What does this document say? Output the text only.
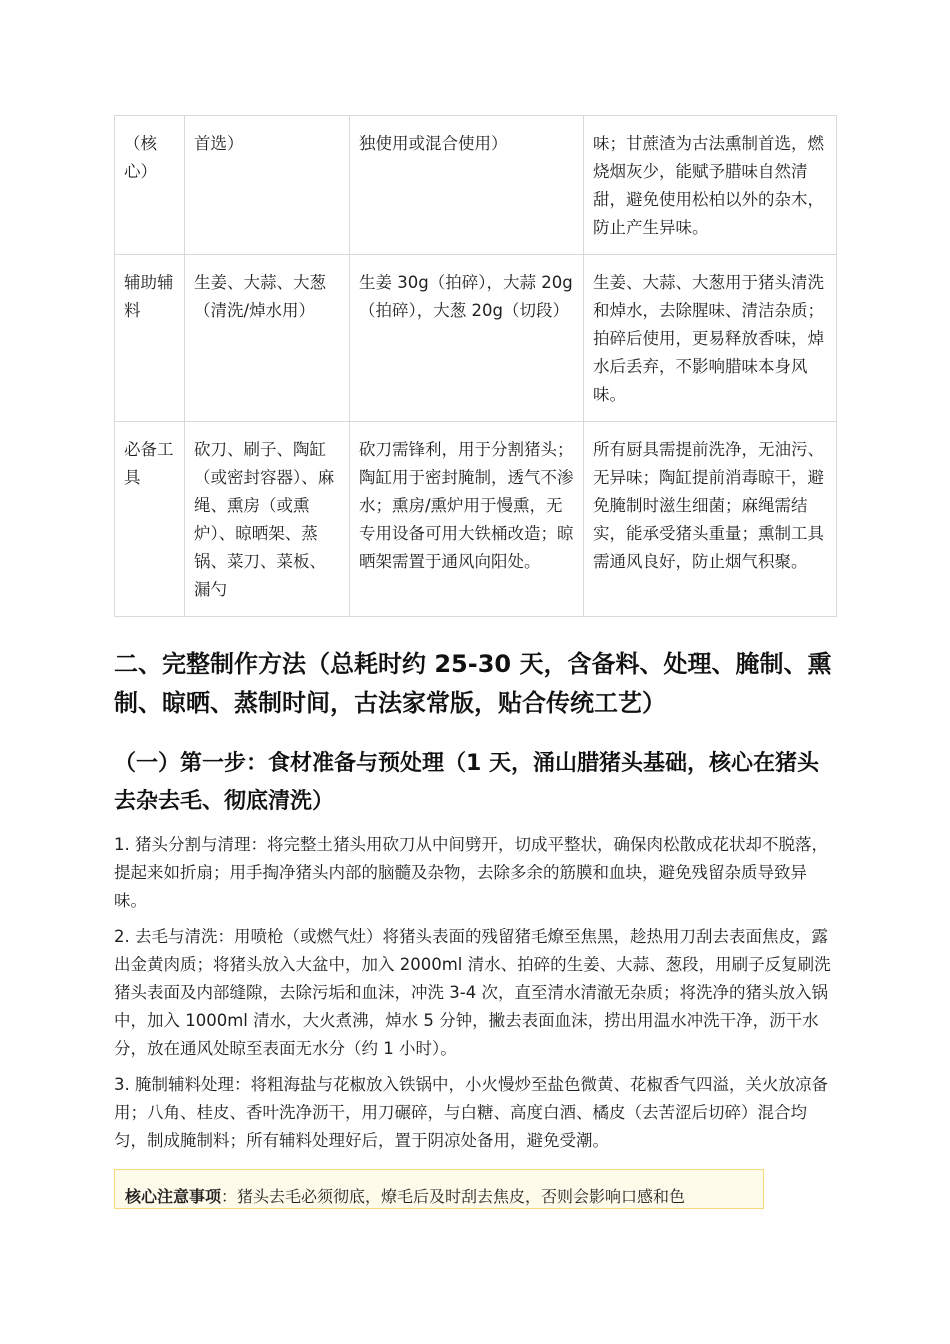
（核心）	首选）	独使用或混合使用）	味；甘蔗渣为古法熏制首选，燃烧烟灰少，能赋予腊味自然清甜，避免使用松柏以外的杂木，防止产生异味。
辅助辅料	生姜、大蒜、大葱（清洗/焯水用）	生姜 30g（拍碎），大蒜 20g（拍碎），大葱 20g（切段）	生姜、大蒜、大葱用于猪头清洗和焯水，去除腥味、清洁杂质；拍碎后使用，更易释放香味，焯水后丢弃，不影响腊味本身风味。
必备工具	砍刀、刷子、陶缸（或密封容器）、麻绳、熏房（或熏炉）、晾晒架、蒸锅、菜刀、菜板、漏勺	砍刀需锋利，用于分割猪头；陶缸用于密封腌制，透气不渗水；熏房/熏炉用于慢熏，无专用设备可用大铁桶改造；晾晒架需置于通风向阳处。	所有厨具需提前洗净，无油污、无异味；陶缸提前消毒晾干，避免腌制时滋生细菌；麻绳需结实，能承受猪头重量；熏制工具需通风良好，防止烟气积聚。
二、完整制作方法（总耗时约 25-30 天，含备料、处理、腌制、熏制、晾晒、蒸制时间，古法家常版，贴合传统工艺）
（一）第一步：食材准备与预处理（1 天，涌山腊猪头基础，核心在猪头去杂去毛、彻底清洗）

1. 猪头分割与清理：将完整土猪头用砍刀从中间劈开，切成平整状，确保肉松散成花状却不脱落，提起来如折扇；用手掏净猪头内部的脑髓及杂物，去除多余的筋膜和血块，避免残留杂质导致异味。

2. 去毛与清洗：用喷枪（或燃气灶）将猪头表面的残留猪毛燎至焦黑，趁热用刀刮去表面焦皮，露出金黄肉质；将猪头放入大盆中，加入 2000ml 清水、拍碎的生姜、大蒜、葱段，用刷子反复刷洗猪头表面及内部缝隙，去除污垢和血沫，冲洗 3-4 次，直至清水清澈无杂质；将洗净的猪头放入锅中，加入 1000ml 清水，大火煮沸，焯水 5 分钟，撇去表面血沫，捞出用温水冲洗干净，沥干水分，放在通风处晾至表面无水分（约 1 小时）。

3. 腌制辅料处理：将粗海盐与花椒放入铁锅中，小火慢炒至盐色微黄、花椒香气四溢，关火放凉备用；八角、桂皮、香叶洗净沥干，用刀碾碎，与白糖、高度白酒、橘皮（去苦涩后切碎）混合均匀，制成腌制料；所有辅料处理好后，置于阴凉处备用，避免受潮。

核心注意事项：猪头去毛必须彻底，燎毛后及时刮去焦皮，否则会影响口感和色
